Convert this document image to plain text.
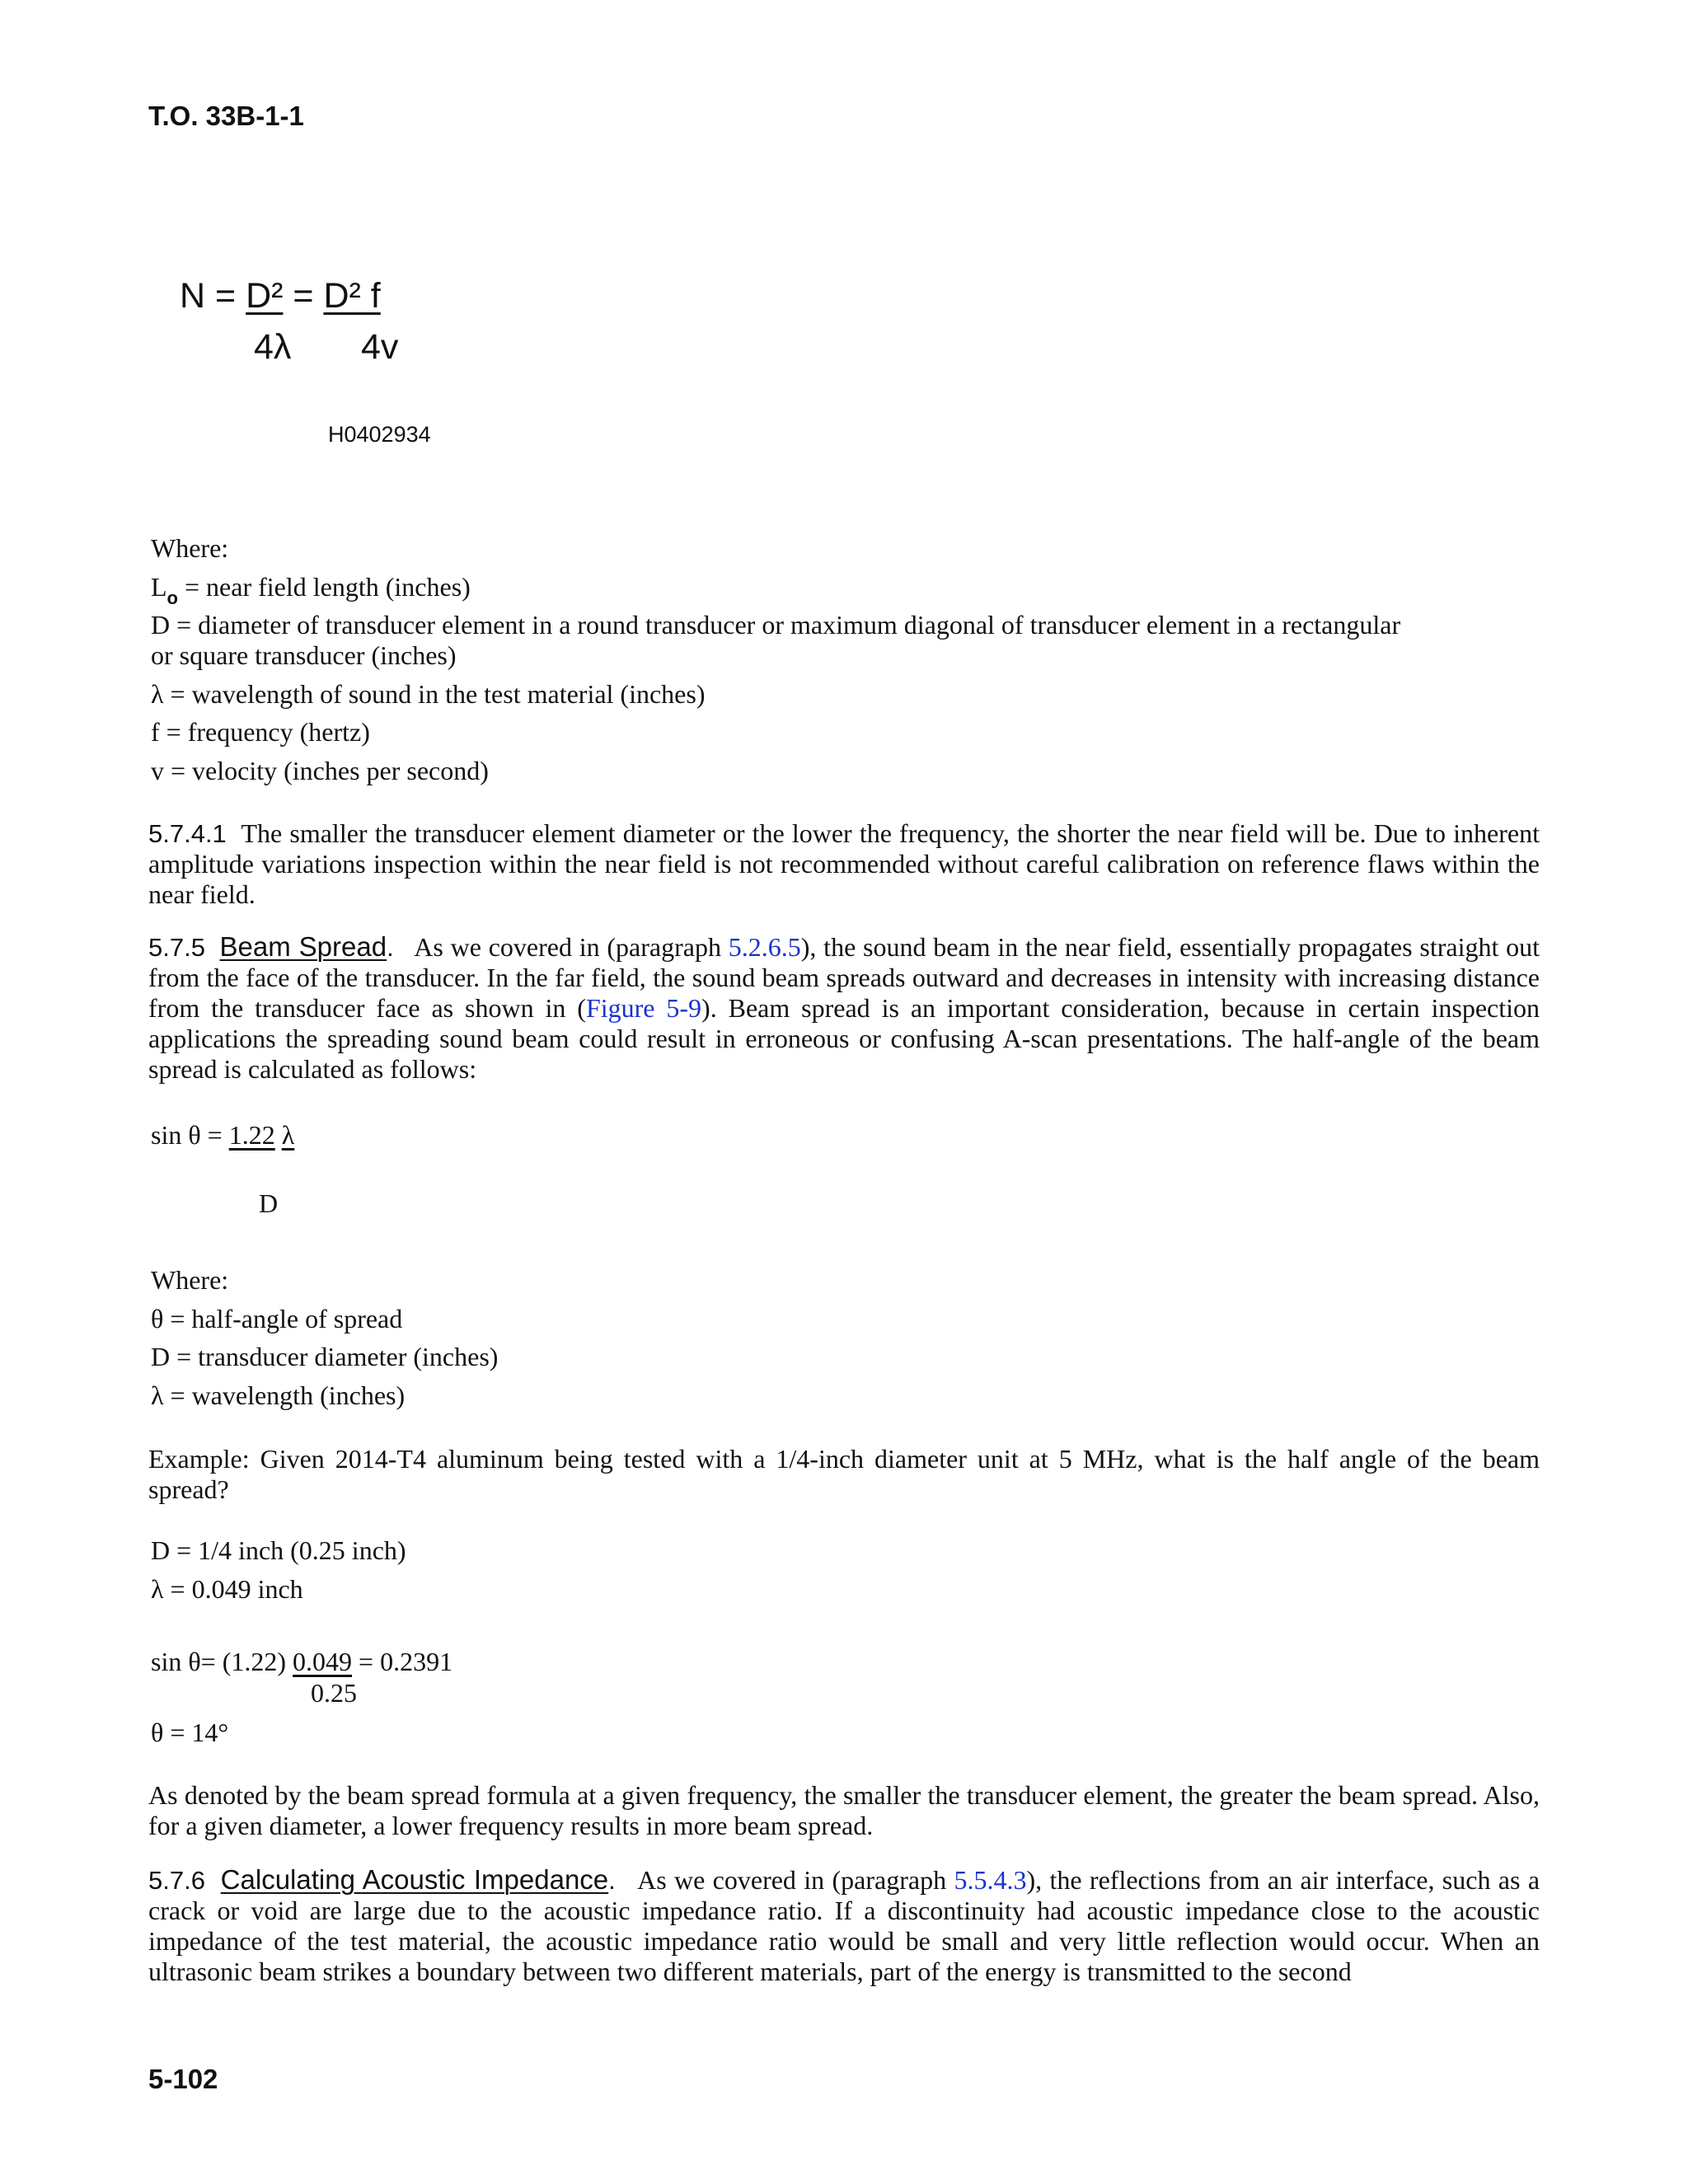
T.O. 33B-1-1
N = D² = D² f
4λ 4v
H0402934
Where:
$L_o$ = near field length (inches)
D = diameter of transducer element in a round transducer or maximum diagonal of transducer element in a rectangular
or square transducer (inches)
λ = wavelength of sound in the test material (inches)
f = frequency (hertz)
v = velocity (inches per second)
5.7.4.1 The smaller the transducer element diameter or the lower the frequency, the shorter the near field will be. Due to inherent amplitude variations inspection within the near field is not recommended without careful calibration on reference flaws within the near field.
5.7.5 Beam Spread. As we covered in (paragraph 5.2.6.5), the sound beam in the near field, essentially propagates straight out from the face of the transducer. In the far field, the sound beam spreads outward and decreases in intensity with increasing distance from the transducer face as shown in (Figure 5-9). Beam spread is an important consideration, because in certain inspection applications the spreading sound beam could result in erroneous or confusing A-scan presentations. The half-angle of the beam spread is calculated as follows:
sin θ = 1.22 λ
D
Where:
θ = half-angle of spread
D = transducer diameter (inches)
λ = wavelength (inches)
Example: Given 2014-T4 aluminum being tested with a 1/4-inch diameter unit at 5 MHz, what is the half angle of the beam spread?
D = 1/4 inch (0.25 inch)
λ = 0.049 inch
sin θ= (1.22) 0.049 = 0.2391
0.25
θ = 14°
As denoted by the beam spread formula at a given frequency, the smaller the transducer element, the greater the beam spread. Also, for a given diameter, a lower frequency results in more beam spread.
5.7.6 Calculating Acoustic Impedance. As we covered in (paragraph 5.5.4.3), the reflections from an air interface, such as a crack or void are large due to the acoustic impedance ratio. If a discontinuity had acoustic impedance close to the acoustic impedance of the test material, the acoustic impedance ratio would be small and very little reflection would occur. When an ultrasonic beam strikes a boundary between two different materials, part of the energy is transmitted to the second
5-102
